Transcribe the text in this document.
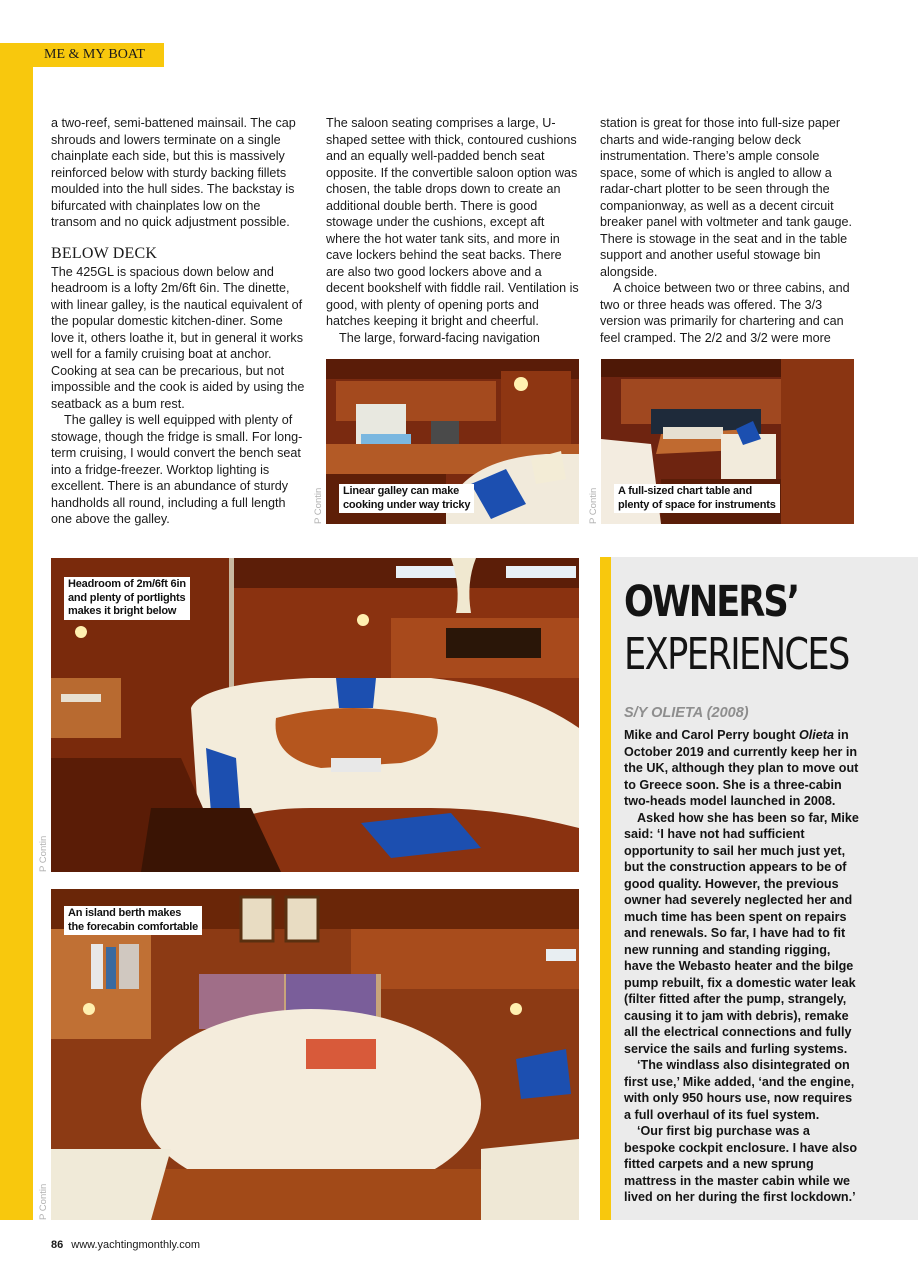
ME & MY BOAT

a two-reef, semi-battened mainsail. The cap shrouds and lowers terminate on a single chainplate each side, but this is massively reinforced below with sturdy backing fillets moulded into the hull sides. The backstay is bifurcated with chainplates low on the transom and no quick adjustment possible.

BELOW DECK

The 425GL is spacious down below and headroom is a lofty 2m/6ft 6in. The dinette, with linear galley, is the nautical equivalent of the popular domestic kitchen-diner. Some love it, others loathe it, but in general it works well for a family cruising boat at anchor. Cooking at sea can be precarious, but not impossible and the cook is aided by using the seatback as a bum rest.

The galley is well equipped with plenty of stowage, though the fridge is small. For long-term cruising, I would convert the bench seat into a fridge-freezer. Worktop lighting is excellent. There is an abundance of sturdy handholds all round, including a full length one above the galley.

The saloon seating comprises a large, U-shaped settee with thick, contoured cushions and an equally well-padded bench seat opposite. If the convertible saloon option was chosen, the table drops down to create an additional double berth. There is good stowage under the cushions, except aft where the hot water tank sits, and more in cave lockers behind the seat backs. There are also two good lockers above and a decent bookshelf with fiddle rail. Ventilation is good, with plenty of opening ports and hatches keeping it bright and cheerful.

The large, forward-facing navigation

station is great for those into full-size paper charts and wide-ranging below deck instrumentation. There’s ample console space, some of which is angled to allow a radar-chart plotter to be seen through the companionway, as well as a decent circuit breaker panel with voltmeter and tank gauge. There is stowage in the seat and in the table support and another useful stowage bin alongside.

A choice between two or three cabins, and two or three heads was offered. The 3/3 version was primarily for chartering and can feel cramped. The 2/2 and 3/2 were more

P Contin Linear galley can make
cooking under way tricky	P Contin A full-sized chart table and
plenty of space for instruments
P Contin
Headroom of 2m/6ft 6in
and plenty of portlights
makes it bright below
P Contin
An island berth makes
the forecabin comfortable
OWNERS’
EXPERIENCES
S/Y OLIETA (2008)

Mike and Carol Perry bought Olieta in October 2019 and currently keep her in the UK, although they plan to move out to Greece soon. She is a three-cabin two-heads model launched in 2008.

Asked how she has been so far, Mike said: ‘I have not had sufficient opportunity to sail her much just yet, but the construction appears to be of good quality. However, the previous owner had severely neglected her and much time has been spent on repairs and renewals. So far, I have had to fit new running and standing rigging, have the Webasto heater and the bilge pump rebuilt, fix a domestic water leak (filter fitted after the pump, strangely, causing it to jam with debris), remake all the electrical connections and fully service the sails and furling systems.

‘The windlass also disintegrated on first use,’ Mike added, ‘and the engine, with only 950 hours use, now requires a full overhaul of its fuel system.

‘Our first big purchase was a bespoke cockpit enclosure. I have also fitted carpets and a new sprung mattress in the master cabin while we lived on her during the first lockdown.’

86 www.yachtingmonthly.com
